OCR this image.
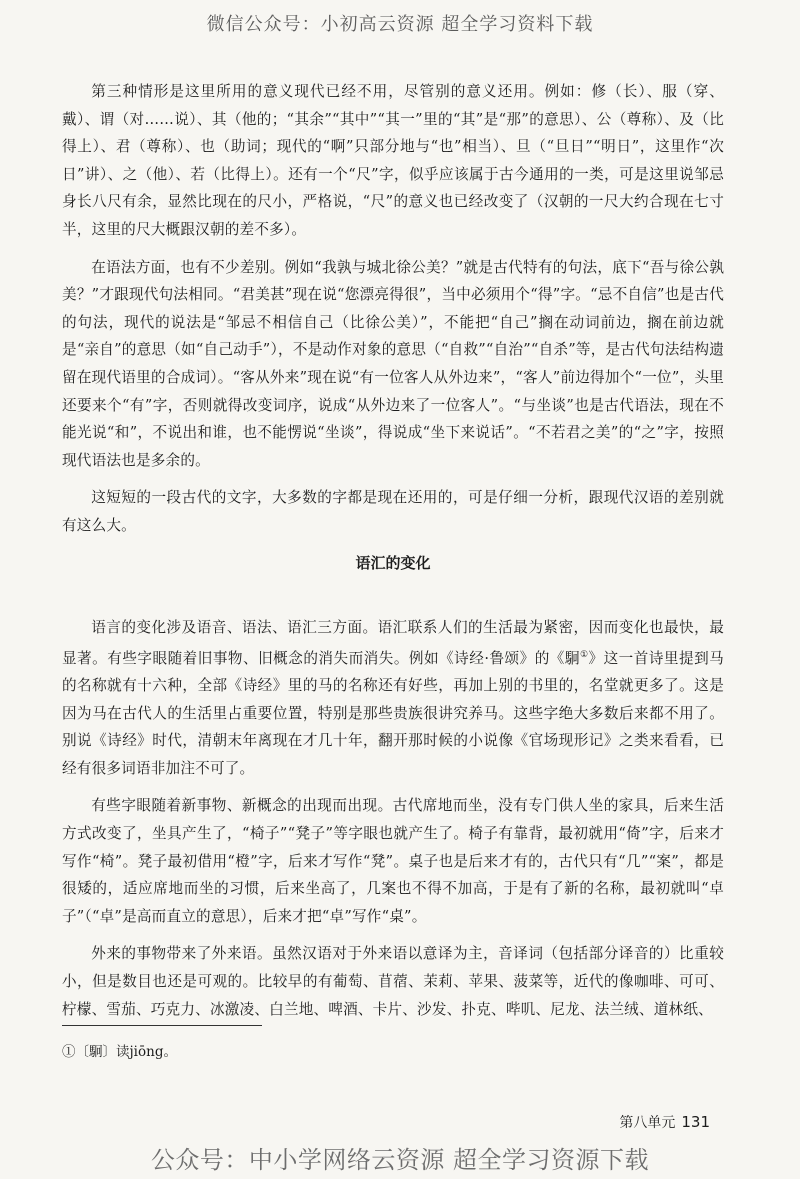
微信公众号：小初高云资源 超全学习资料下载

第三种情形是这里所用的意义现代已经不用，尽管别的意义还用。例如：修（长）、服（穿、戴）、谓（对……说）、其（他的；“其余”“其中”“其一”里的“其”是“那”的意思）、公（尊称）、及（比得上）、君（尊称）、也（助词；现代的“啊”只部分地与“也”相当）、旦（“旦日”“明日”，这里作“次日”讲）、之（他）、若（比得上）。还有一个“尺”字，似乎应该属于古今通用的一类，可是这里说邹忌身长八尺有余，显然比现在的尺小，严格说，“尺”的意义也已经改变了（汉朝的一尺大约合现在七寸半，这里的尺大概跟汉朝的差不多）。

在语法方面，也有不少差别。例如“我孰与城北徐公美？”就是古代特有的句法，底下“吾与徐公孰美？”才跟现代句法相同。“君美甚”现在说“您漂亮得很”，当中必须用个“得”字。“忌不自信”也是古代的句法，现代的说法是“邹忌不相信自己（比徐公美）”，不能把“自己”搁在动词前边，搁在前边就是“亲自”的意思（如“自己动手”），不是动作对象的意思（“自救”“自治”“自杀”等，是古代句法结构遗留在现代语里的合成词）。“客从外来”现在说“有一位客人从外边来”，“客人”前边得加个“一位”，头里还要来个“有”字，否则就得改变词序，说成“从外边来了一位客人”。“与坐谈”也是古代语法，现在不能光说“和”，不说出和谁，也不能愣说“坐谈”，得说成“坐下来说话”。“不若君之美”的“之”字，按照现代语法也是多余的。

这短短的一段古代的文字，大多数的字都是现在还用的，可是仔细一分析，跟现代汉语的差别就有这么大。

语汇的变化

语言的变化涉及语音、语法、语汇三方面。语汇联系人们的生活最为紧密，因而变化也最快，最显著。有些字眼随着旧事物、旧概念的消失而消失。例如《诗经·鲁颂》的《駉①》这一首诗里提到马的名称就有十六种，全部《诗经》里的马的名称还有好些，再加上别的书里的，名堂就更多了。这是因为马在古代人的生活里占重要位置，特别是那些贵族很讲究养马。这些字绝大多数后来都不用了。别说《诗经》时代，清朝末年离现在才几十年，翻开那时候的小说像《官场现形记》之类来看看，已经有很多词语非加注不可了。

有些字眼随着新事物、新概念的出现而出现。古代席地而坐，没有专门供人坐的家具，后来生活方式改变了，坐具产生了，“椅子”“凳子”等字眼也就产生了。椅子有靠背，最初就用“倚”字，后来才写作“椅”。凳子最初借用“橙”字，后来才写作“凳”。桌子也是后来才有的，古代只有“几”“案”，都是很矮的，适应席地而坐的习惯，后来坐高了，几案也不得不加高，于是有了新的名称，最初就叫“卓子”（“卓”是高而直立的意思），后来才把“卓”写作“桌”。

外来的事物带来了外来语。虽然汉语对于外来语以意译为主，音译词（包括部分译音的）比重较小，但是数目也还是可观的。比较早的有葡萄、苜蓿、茉莉、苹果、菠菜等，近代的像咖啡、可可、柠檬、雪茄、巧克力、冰激凌、白兰地、啤酒、卡片、沙发、扑克、哔叽、尼龙、法兰绒、道林纸、

①〔駉〕读jiōng。
第八单元 131
公众号：中小学网络云资源 超全学习资源下载
